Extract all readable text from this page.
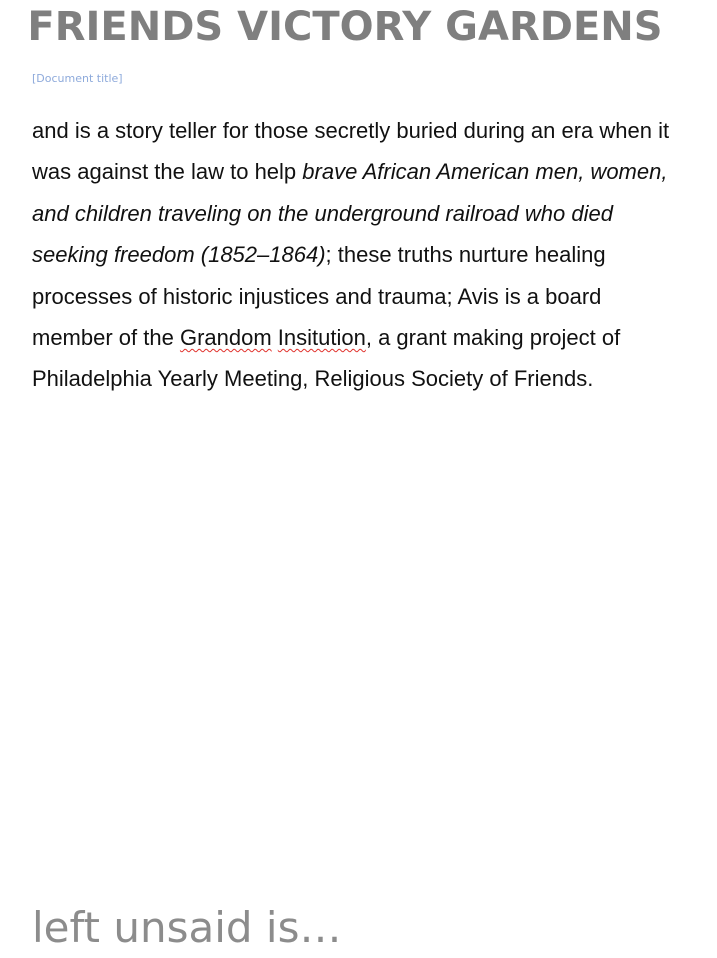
FRIENDS VICTORY GARDENS
[Document title]
and is a story teller for those secretly buried during an era when it was against the law to help brave African American men, women, and children traveling on the underground railroad who died seeking freedom (1852–1864); these truths nurture healing processes of historic injustices and trauma; Avis is a board member of the Grandom Insitution, a grant making project of Philadelphia Yearly Meeting, Religious Society of Friends.
left unsaid is…
